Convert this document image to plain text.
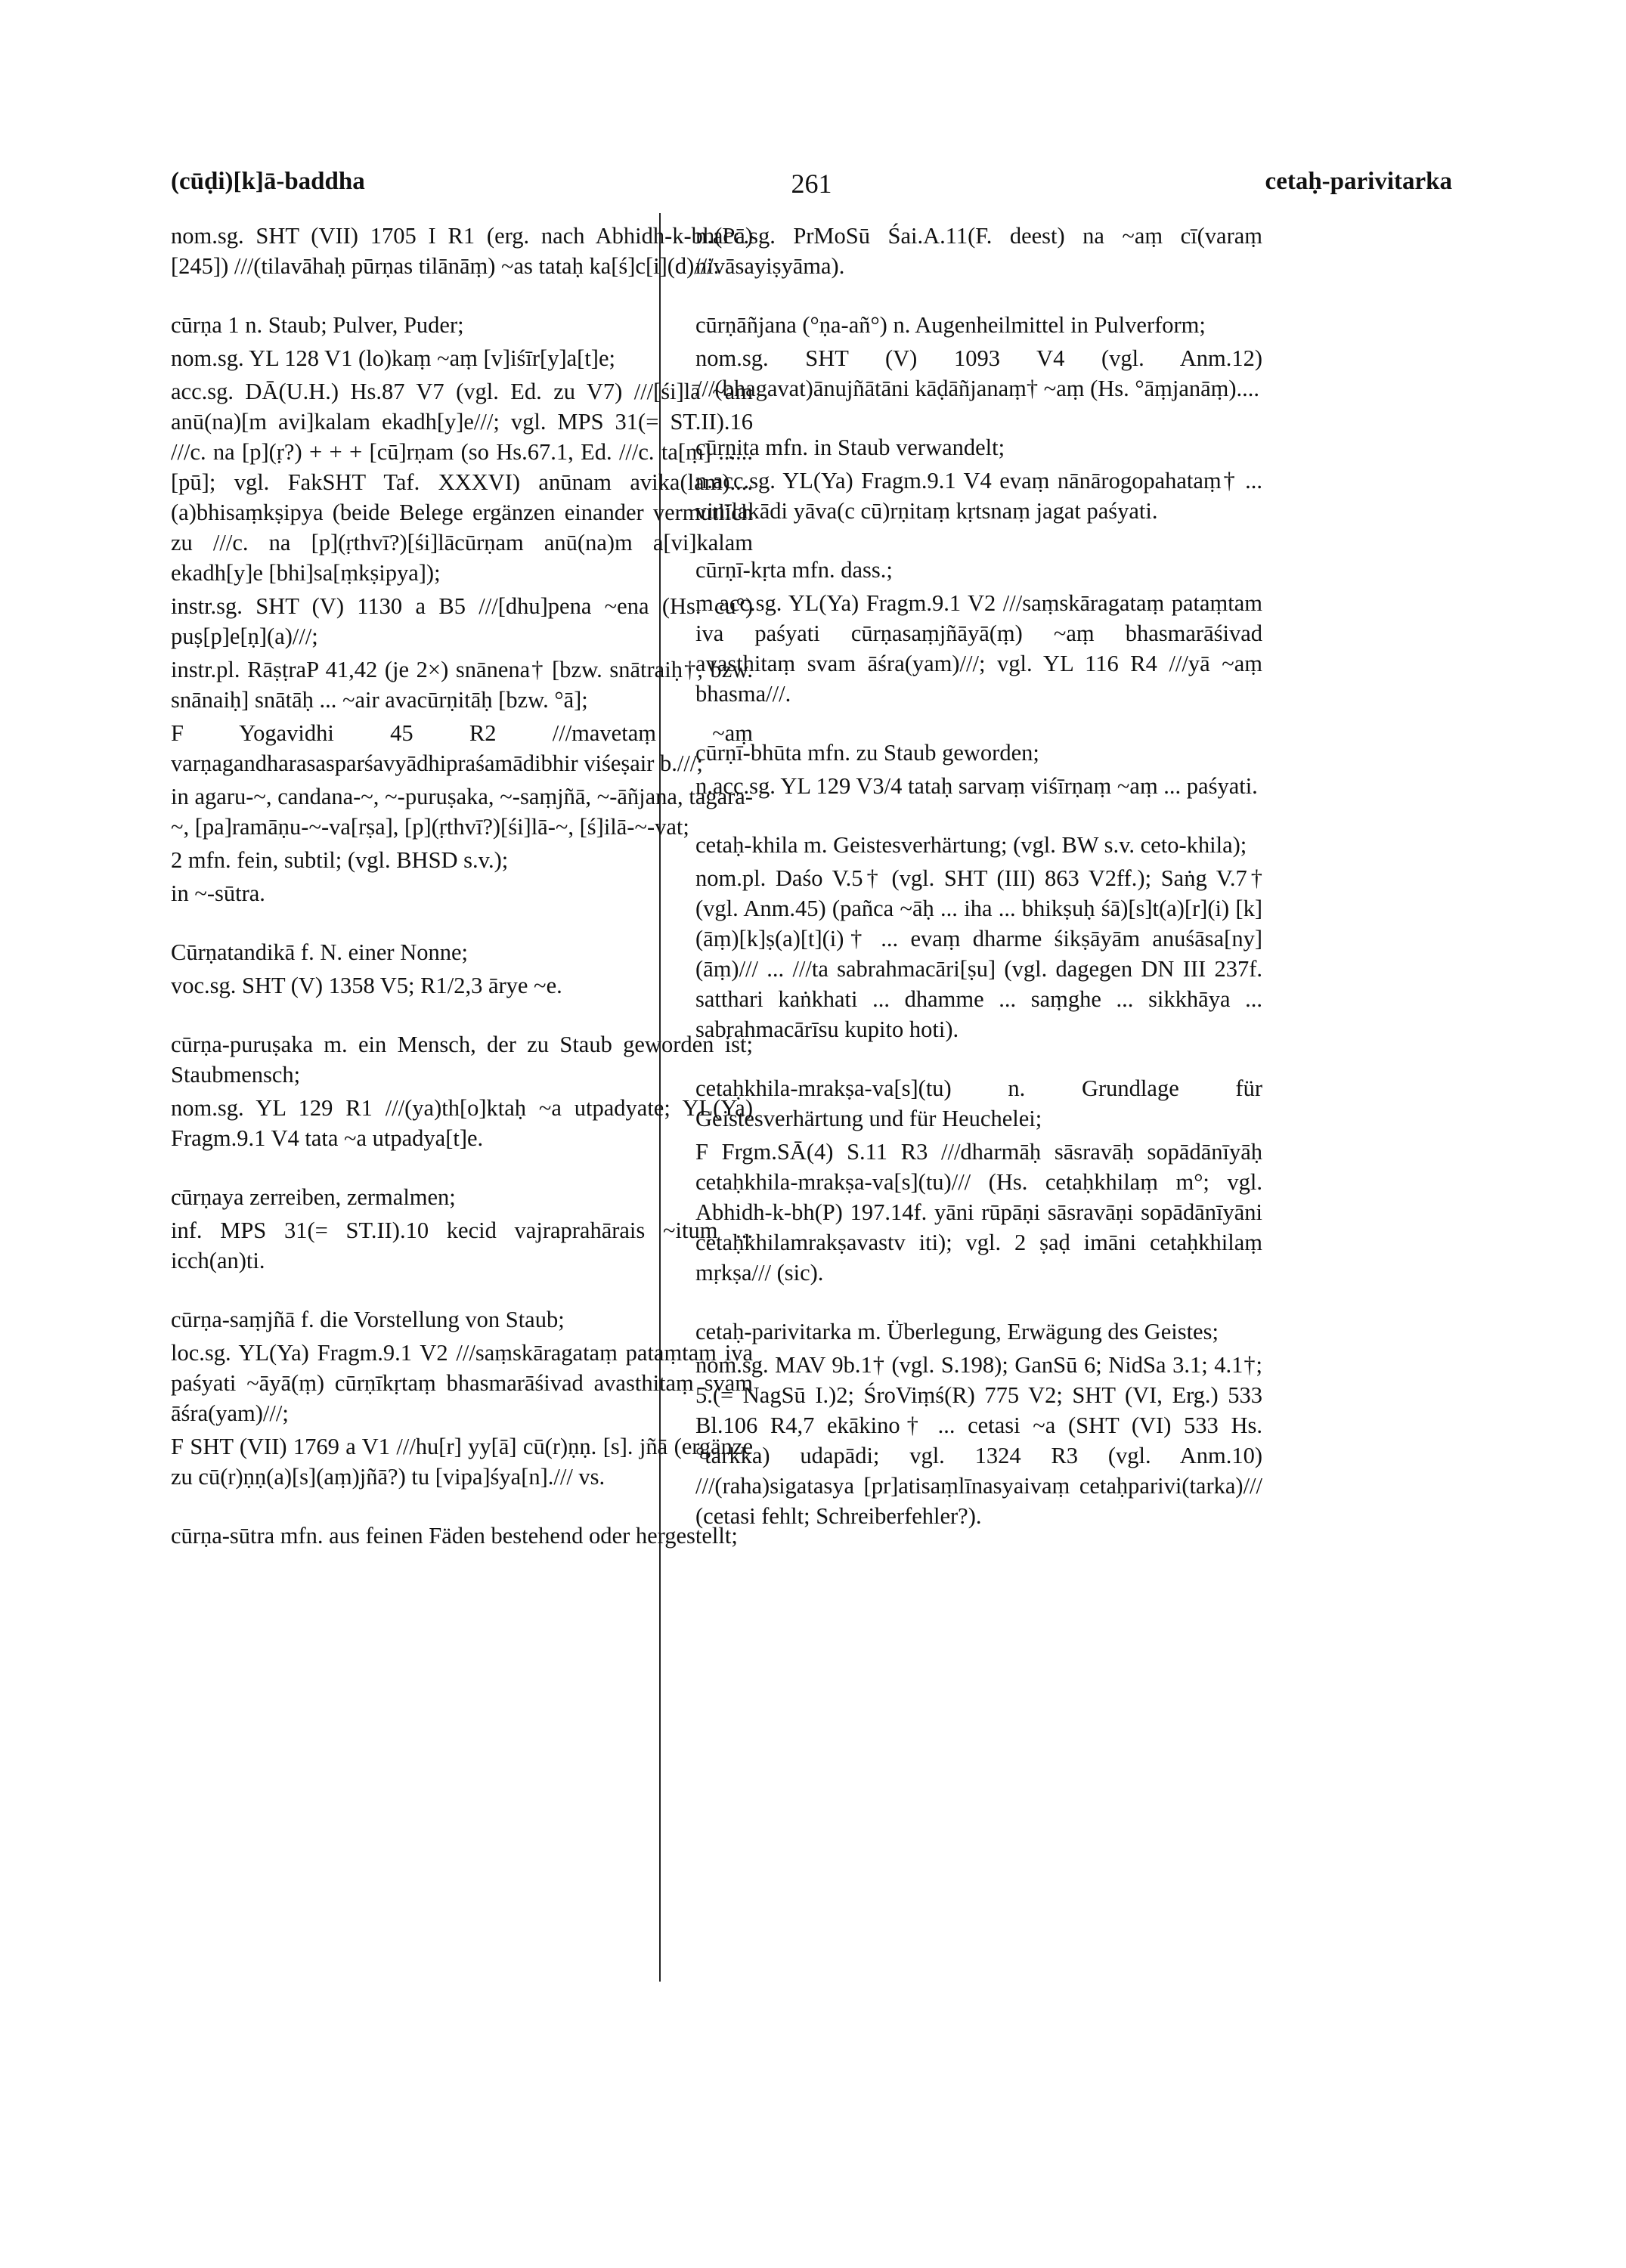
(cūḍi)[k]ā-baddha	261	cetaḥ-parivitarka

nom.sg. SHT (VII) 1705 I R1 (erg. nach Abhidh-k-bh(Pā) [245]) ///(tilavāhaḥ pūrṇas tilānāṃ) ~as tataḥ ka[ś]c[i](d)///.

cūrṇa 1 n. Staub; Pulver, Puder;

nom.sg. YL 128 V1 (lo)kaṃ ~aṃ [v]iśīr[y]a[t]e;

acc.sg. DĀ(U.H.) Hs.87 V7 (vgl. Ed. zu V7) ///[śi]lā ~am anū(na)[m avi]kalam ekadh[y]e///; vgl. MPS 31(= ST.II).16 ///c. na [p](ṛ?) + + + [cū]rṇam (so Hs.67.1, Ed. ///c. ta[ṃ] ...... [pū]; vgl. FakSHT Taf. XXXVI) anūnam avika(lam).... (a)bhisaṃkṣipya (beide Belege ergänzen einander vermutlich zu ///c. na [p](ṛthvī?)[śi]lācūrṇam anū(na)m a[vi]kalam ekadh[y]e [bhi]sa[ṃkṣipya]);

instr.sg. SHT (V) 1130 a B5 ///[dhu]pena ~ena (Hs. cu°) puṣ[p]e[ṇ](a)///;

instr.pl. RāṣṭraP 41,42 (je 2×) snānena† [bzw. snātraiḥ†, bzw. snānaiḥ] snātāḥ ... ~air avacūrṇitāḥ [bzw. °ā];

F Yogavidhi 45 R2 ///mavetaṃ ~aṃ varṇagandharasasparśavyādhipraśamādibhir viśeṣair b.///;

in agaru-~, candana-~, ~-puruṣaka, ~-saṃjñā, ~-āñjana, tagara-~, [pa]ramāṇu-~-va[rṣa], [p](ṛthvī?)[śi]lā-~, [ś]ilā-~-vat;

2 mfn. fein, subtil; (vgl. BHSD s.v.);

in ~-sūtra.

Cūrṇatandikā f. N. einer Nonne;

voc.sg. SHT (V) 1358 V5; R1/2,3 ārye ~e.

cūrṇa-puruṣaka m. ein Mensch, der zu Staub geworden ist; Staubmensch;

nom.sg. YL 129 R1 ///(ya)th[o]ktaḥ ~a utpadyate; YL(Ya) Fragm.9.1 V4 tata ~a utpadya[t]e.

cūrṇaya zerreiben, zermalmen;

inf. MPS 31(= ST.II).10 kecid vajraprahārais ~ituṃ ... icch(an)ti.

cūrṇa-saṃjñā f. die Vorstellung von Staub;

loc.sg. YL(Ya) Fragm.9.1 V2 ///saṃskāragataṃ pataṃtam iva paśyati ~āyā(ṃ) cūrṇīkṛtaṃ bhasmarāśivad avasthitaṃ svam āśra(yam)///;

F SHT (VII) 1769 a V1 ///hu[r] yy[ā] cū(r)ṇṇ. [s]. jñā (ergänze zu cū(r)ṇṇ(a)[s](aṃ)jñā?) tu [vipa]śya[n]./// vs.

cūrṇa-sūtra mfn. aus feinen Fäden bestehend oder hergestellt;

n.acc.sg. PrMoSū Śai.A.11(F. deest) na ~aṃ cī(varaṃ nivāsayiṣyāma).

cūrṇāñjana (°ṇa-añ°) n. Augenheilmittel in Pulverform;

nom.sg. SHT (V) 1093 V4 (vgl. Anm.12) ///(bhagavat)ānujñātāni kāḍāñjanaṃ† ~aṃ (Hs. °āṃjanāṃ)....

cūrṇita mfn. in Staub verwandelt;

n.acc.sg. YL(Ya) Fragm.9.1 V4 evaṃ nānārogopahataṃ† ... vinīlakādi yāva(c cū)rṇitaṃ kṛtsnaṃ jagat paśyati.

cūrṇī-kṛta mfn. dass.;

m.acc.sg. YL(Ya) Fragm.9.1 V2 ///saṃskāragataṃ pataṃtam iva paśyati cūrṇasaṃjñāyā(ṃ) ~aṃ bhasmarāśivad avasthitaṃ svam āśra(yam)///; vgl. YL 116 R4 ///yā ~aṃ bhasma///.

cūrṇī-bhūta mfn. zu Staub geworden;

n.acc.sg. YL 129 V3/4 tataḥ sarvaṃ viśīrṇaṃ ~aṃ ... paśyati.

cetaḥ-khila m. Geistesverhärtung; (vgl. BW s.v. ceto-khila);

nom.pl. Daśo V.5† (vgl. SHT (III) 863 V2ff.); Saṅg V.7† (vgl. Anm.45) (pañca ~āḥ ... iha ... bhikṣuḥ śā)[s]t(a)[r](i) [k](āṃ)[k]ṣ(a)[t](i)† ... evaṃ dharme śikṣāyām anuśāsa[ny](āṃ)/// ... ///ta sabrahmacāri[ṣu] (vgl. dagegen DN III 237f. satthari kaṅkhati ... dhamme ... saṃghe ... sikkhāya ... sabrahmacārīsu kupito hoti).

cetaḥkhila-mrakṣa-va[s](tu) n. Grundlage für Geistesverhärtung und für Heuchelei;

F Frgm.SĀ(4) S.11 R3 ///dharmāḥ sāsravāḥ sopādānīyāḥ cetaḥkhila-mrakṣa-va[s](tu)/// (Hs. cetaḥkhilaṃ m°; vgl. Abhidh-k-bh(P) 197.14f. yāni rūpāṇi sāsravāṇi sopādānīyāni cetaḥkhilamrakṣavastv iti); vgl. 2 ṣaḍ imāni cetaḥkhilaṃ mṛkṣa/// (sic).

cetaḥ-parivitarka m. Überlegung, Erwägung des Geistes;

nom.sg. MAV 9b.1† (vgl. S.198); GanSū 6; NidSa 3.1; 4.1†; 5.(= NagSū I.)2; ŚroViṃś(R) 775 V2; SHT (VI, Erg.) 533 Bl.106 R4,7 ekākino† ... cetasi ~a (SHT (VI) 533 Hs. °tarkka) udapādi; vgl. 1324 R3 (vgl. Anm.10) ///(raha)sigatasya [pr]atisaṃlīnasyaivaṃ cetaḥparivi(tarka)/// (cetasi fehlt; Schreiberfehler?).
